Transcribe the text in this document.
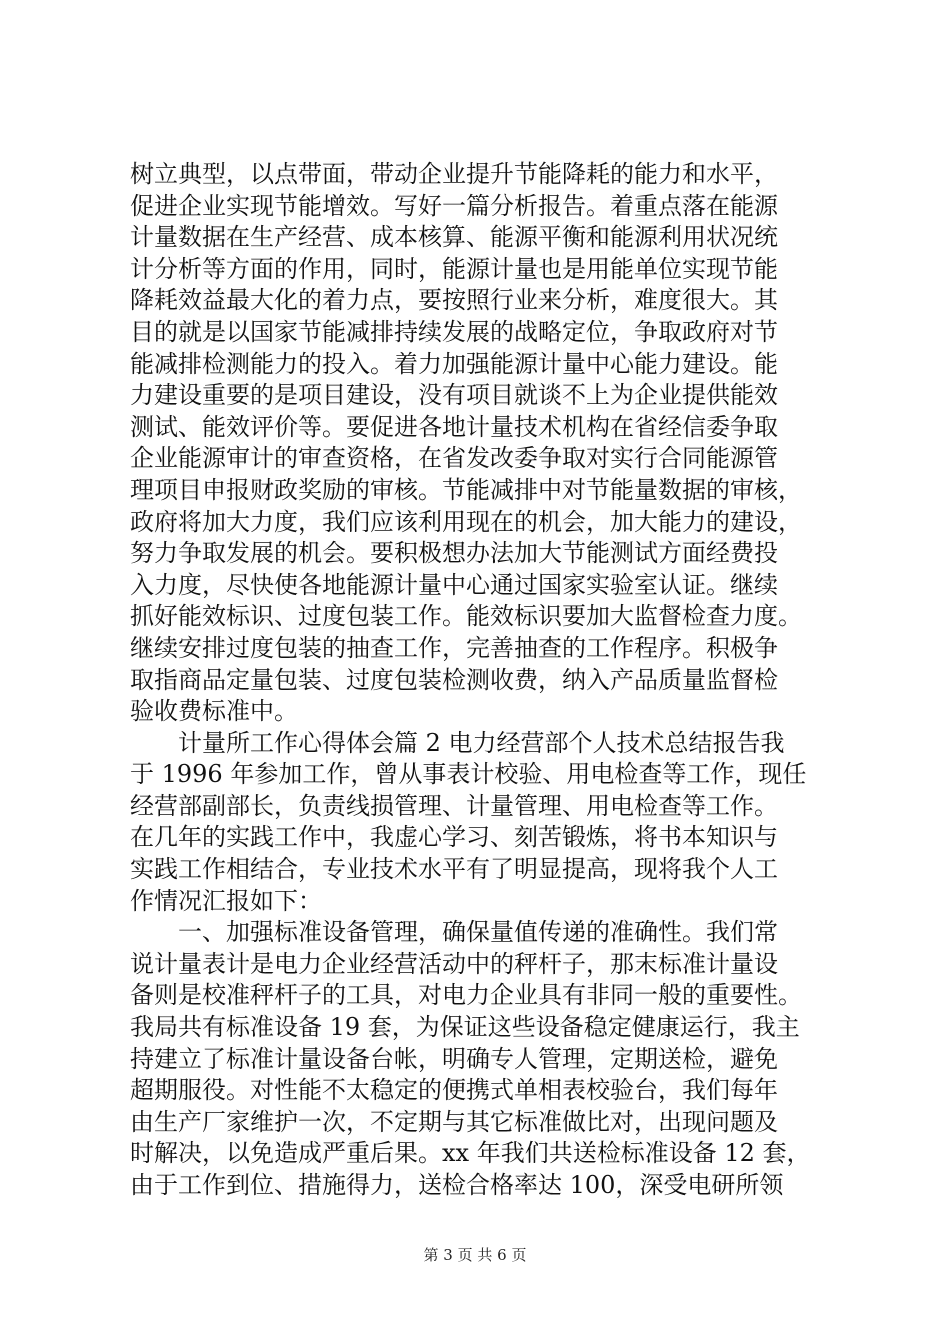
树立典型，以点带面，带动企业提升节能降耗的能力和水平，
促进企业实现节能增效。写好一篇分析报告。着重点落在能源
计量数据在生产经营、成本核算、能源平衡和能源利用状况统
计分析等方面的作用，同时，能源计量也是用能单位实现节能
降耗效益最大化的着力点，要按照行业来分析，难度很大。其
目的就是以国家节能减排持续发展的战略定位，争取政府对节
能减排检测能力的投入。着力加强能源计量中心能力建设。能
力建设重要的是项目建设，没有项目就谈不上为企业提供能效
测试、能效评价等。要促进各地计量技术机构在省经信委争取
企业能源审计的审查资格，在省发改委争取对实行合同能源管
理项目申报财政奖励的审核。节能减排中对节能量数据的审核，
政府将加大力度，我们应该利用现在的机会，加大能力的建设，
努力争取发展的机会。要积极想办法加大节能测试方面经费投
入力度，尽快使各地能源计量中心通过国家实验室认证。继续
抓好能效标识、过度包装工作。能效标识要加大监督检查力度。
继续安排过度包装的抽查工作，完善抽查的工作程序。积极争
取指商品定量包装、过度包装检测收费，纳入产品质量监督检
验收费标准中。
　　计量所工作心得体会篇 2 电力经营部个人技术总结报告我
于 1996 年参加工作，曾从事表计校验、用电检查等工作，现任
经营部副部长，负责线损管理、计量管理、用电检查等工作。
在几年的实践工作中，我虚心学习、刻苦锻炼，将书本知识与
实践工作相结合，专业技术水平有了明显提高，现将我个人工
作情况汇报如下：
　　一、加强标准设备管理，确保量值传递的准确性。我们常
说计量表计是电力企业经营活动中的秤杆子，那末标准计量设
备则是校准秤杆子的工具，对电力企业具有非同一般的重要性。
我局共有标准设备 19 套，为保证这些设备稳定健康运行，我主
持建立了标准计量设备台帐，明确专人管理，定期送检，避免
超期服役。对性能不太稳定的便携式单相表校验台，我们每年
由生产厂家维护一次，不定期与其它标准做比对，出现问题及
时解决，以免造成严重后果。xx 年我们共送检标准设备 12 套，
由于工作到位、措施得力，送检合格率达 100，深受电研所领
第 3 页 共 6 页
